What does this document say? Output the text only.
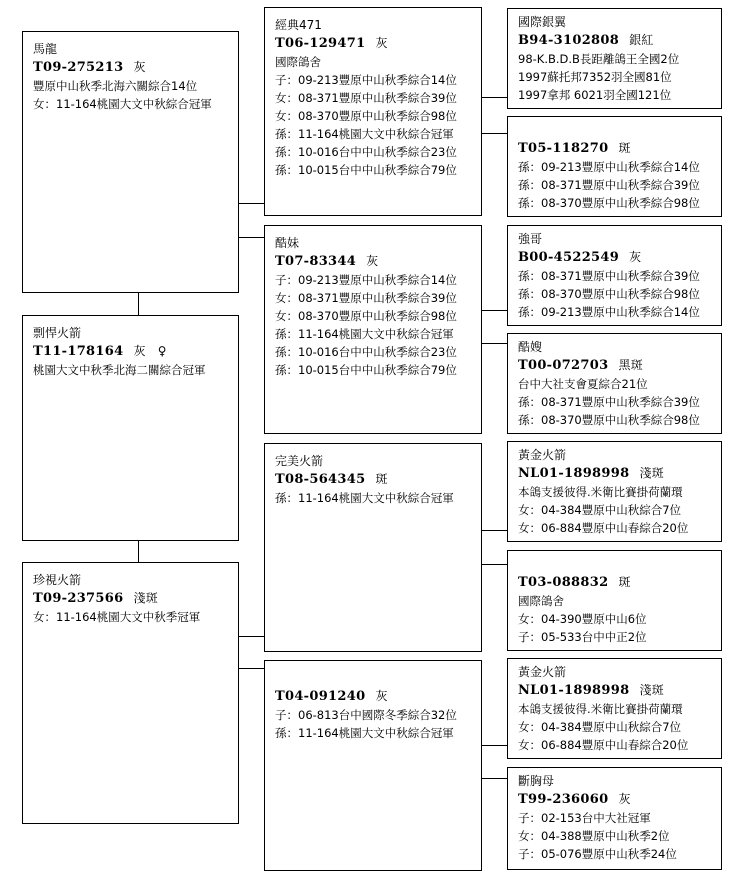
馬龍
T09-275213 灰
豐原中山秋季北海六關綜合14位
女：11-164桃園大文中秋綜合冠軍
剽悍火箭
T11-178164 灰 ♀
桃園大文中秋季北海二關綜合冠軍
珍視火箭
T09-237566 淺斑
女：11-164桃園大文中秋季冠軍
經典471
T06-129471 灰
國際鴿舍
子：09-213豐原中山秋季綜合14位
女：08-371豐原中山秋季綜合39位
女：08-370豐原中山秋季綜合98位
孫：11-164桃園大文中秋綜合冠軍
孫：10-016台中中山秋季綜合23位
孫：10-015台中中山秋季綜合79位
酷妹
T07-83344 灰
子：09-213豐原中山秋季綜合14位
女：08-371豐原中山秋季綜合39位
女：08-370豐原中山秋季綜合98位
孫：11-164桃園大文中秋綜合冠軍
孫：10-016台中中山秋季綜合23位
孫：10-015台中中山秋季綜合79位
完美火箭
T08-564345 斑
孫：11-164桃園大文中秋綜合冠軍
T04-091240 灰
子：06-813台中國際冬季綜合32位
孫：11-164桃園大文中秋綜合冠軍
國際銀翼
B94-3102808 銀紅
98-K.B.D.B長距離鴿王全國2位
1997蘇托邦7352羽全國81位
1997拿邦 6021羽全國121位
T05-118270 斑
孫：09-213豐原中山秋季綜合14位
孫：08-371豐原中山秋季綜合39位
孫：08-370豐原中山秋季綜合98位
強哥
B00-4522549 灰
孫：08-371豐原中山秋季綜合39位
孫：08-370豐原中山秋季綜合98位
孫：09-213豐原中山秋季綜合14位
酷嫂
T00-072703 黑斑
台中大社支會夏綜合21位
孫：08-371豐原中山秋季綜合39位
孫：08-370豐原中山秋季綜合98位
黃金火箭
NL01-1898998 淺斑
本鴿支援彼得.米衛比賽掛荷蘭環
女：04-384豐原中山秋綜合7位
女：06-884豐原中山春綜合20位
T03-088832 斑
國際鴿舍
女：04-390豐原中山6位
子：05-533台中中正2位
黃金火箭
NL01-1898998 淺斑
本鴿支援彼得.米衛比賽掛荷蘭環
女：04-384豐原中山秋綜合7位
女：06-884豐原中山春綜合20位
斷胸母
T99-236060 灰
子：02-153台中大社冠軍
女：04-388豐原中山秋季2位
子：05-076豐原中山秋季24位
